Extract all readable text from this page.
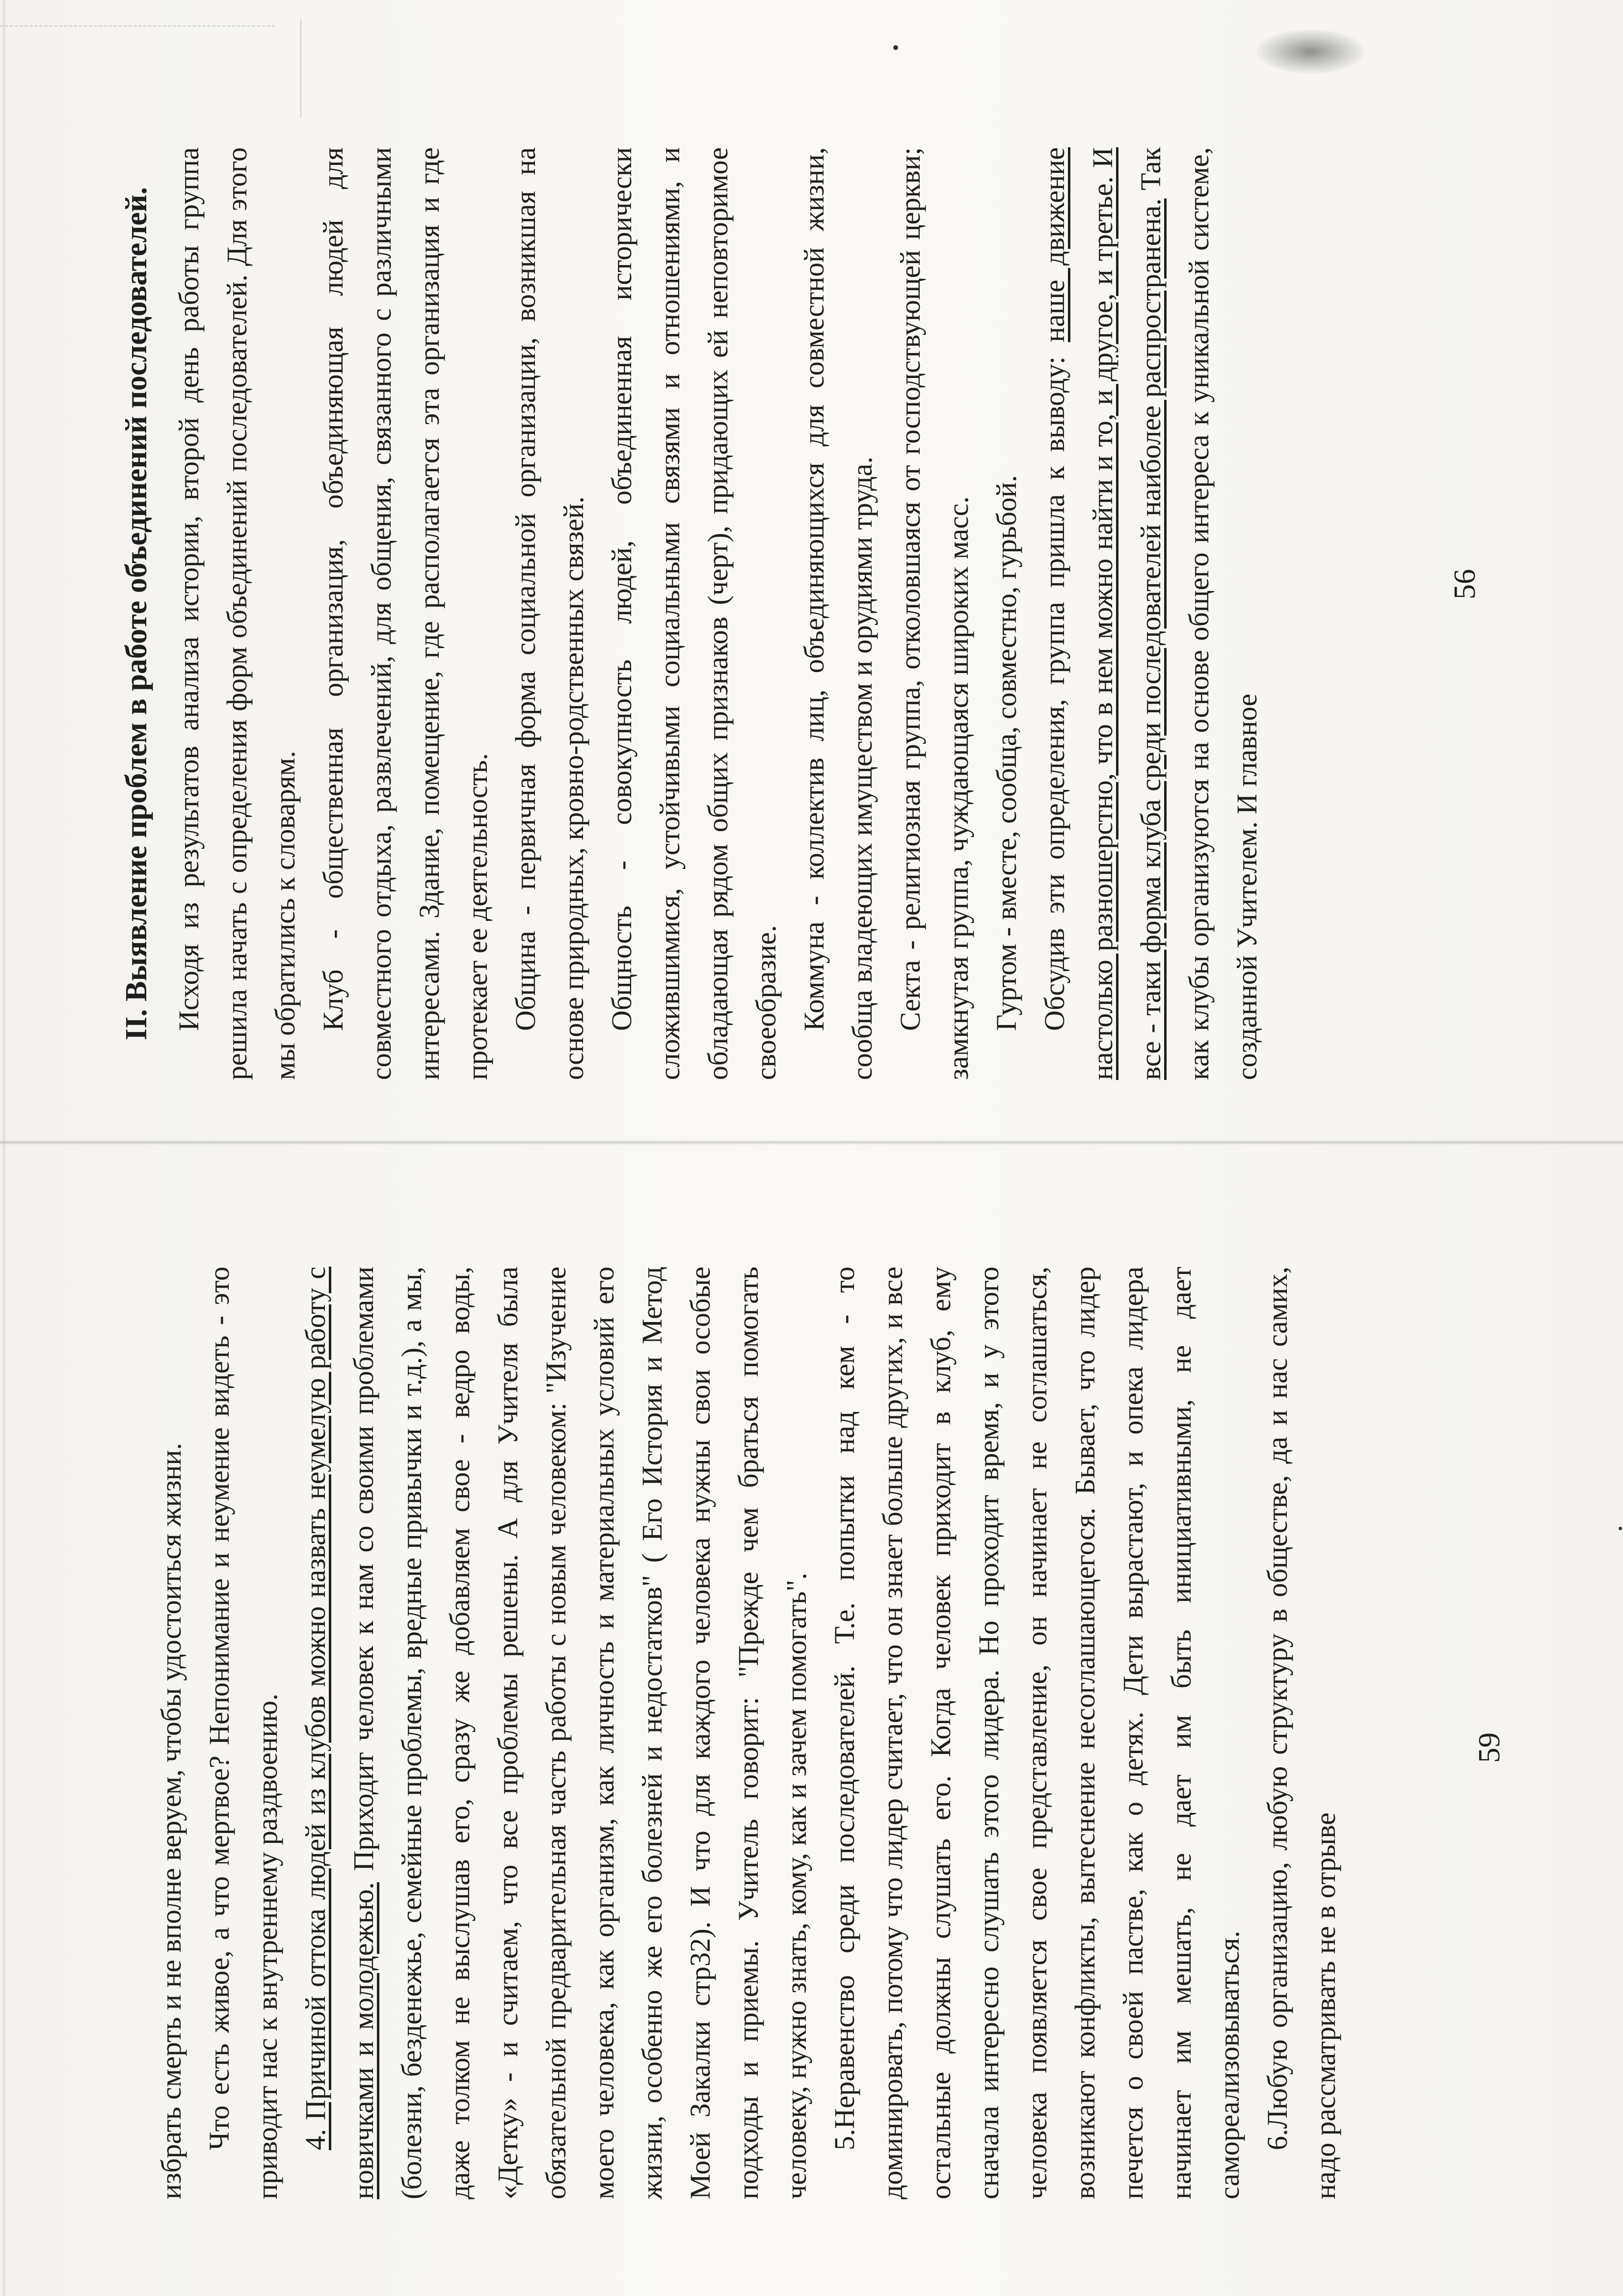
II. Выявление проблем в работе объединений последователей. Исходя из результатов анализа истории, второй день работы группа решила начать с определения форм объединений последователей. Для этого мы обратились к словарям. Клуб - общественная организация, объединяющая людей для совместного отдыха, развлечений, для общения, связанного с различными интересами. Здание, помещение, где располагается эта организация и где протекает ее деятельность. Община - первичная форма социальной организации, возникшая на основе природных, кровно-родственных связей. Общность - совокупность людей, объединенная исторически сложившимися, устойчивыми социальными связями и отношениями, и обладающая рядом общих признаков (черт), придающих ей неповторимое своеобразие. Коммуна - коллектив лиц, объединяющихся для совместной жизни, сообща владеющих имуществом и орудиями труда. Секта - религиозная группа, отколовшаяся от господствующей церкви; замкнутая группа, чуждающаяся широких масс. Гуртом - вместе, сообща, совместно, гурьбой. Обсудив эти определения, группа пришла к выводу: наше движение настолько разношерстно, что в нем можно найти и то, и другое, и третье. И все - таки форма клуба среди последователей наиболее распространена. Так как клубы организуются на основе общего интереса к уникальной системе, созданной Учителем. И главное

56

избрать смерть и не вполне веруем, чтобы удостоиться жизни. Что есть живое, а что мертвое? Непонимание и неумение видеть - это приводит нас к внутреннему раздвоению. 4. Причиной оттока людей из клубов можно назвать неумелую работу с новичками и молодежью. Приходит человек к нам со своими проблемами (болезни, безденежье, семейные проблемы, вредные привычки и т.д.), а мы, даже толком не выслушав его, сразу же добавляем свое - ведро воды, «Детку» - и считаем, что все проблемы решены. А для Учителя была обязательной предварительная часть работы с новым человеком: "Изучение моего человека, как организм, как личность и материальных условий его жизни, особенно же его болезней и недостатков" ( Его История и Метод Моей Закалки стр32). И что для каждого человека нужны свои особые подходы и приемы. Учитель говорит: "Прежде чем браться помогать человеку, нужно знать, кому, как и зачем помогать". 5.Неравенство среди последователей. Т.е. попытки над кем - то доминировать, потому что лидер считает, что он знает больше других, и все остальные должны слушать его. Когда человек приходит в клуб, ему сначала интересно слушать этого лидера. Но проходит время, и у этого человека появляется свое представление, он начинает не соглашаться, возникают конфликты, вытеснение несоглашающегося. Бывает, что лидер печется о своей пастве, как о детях. Дети вырастают, и опека лидера начинает им мешать, не дает им быть инициативными, не дает самореализовываться. 6.Любую организацию, любую структуру в обществе, да и нас самих, надо рассматривать не в отрыве

59
